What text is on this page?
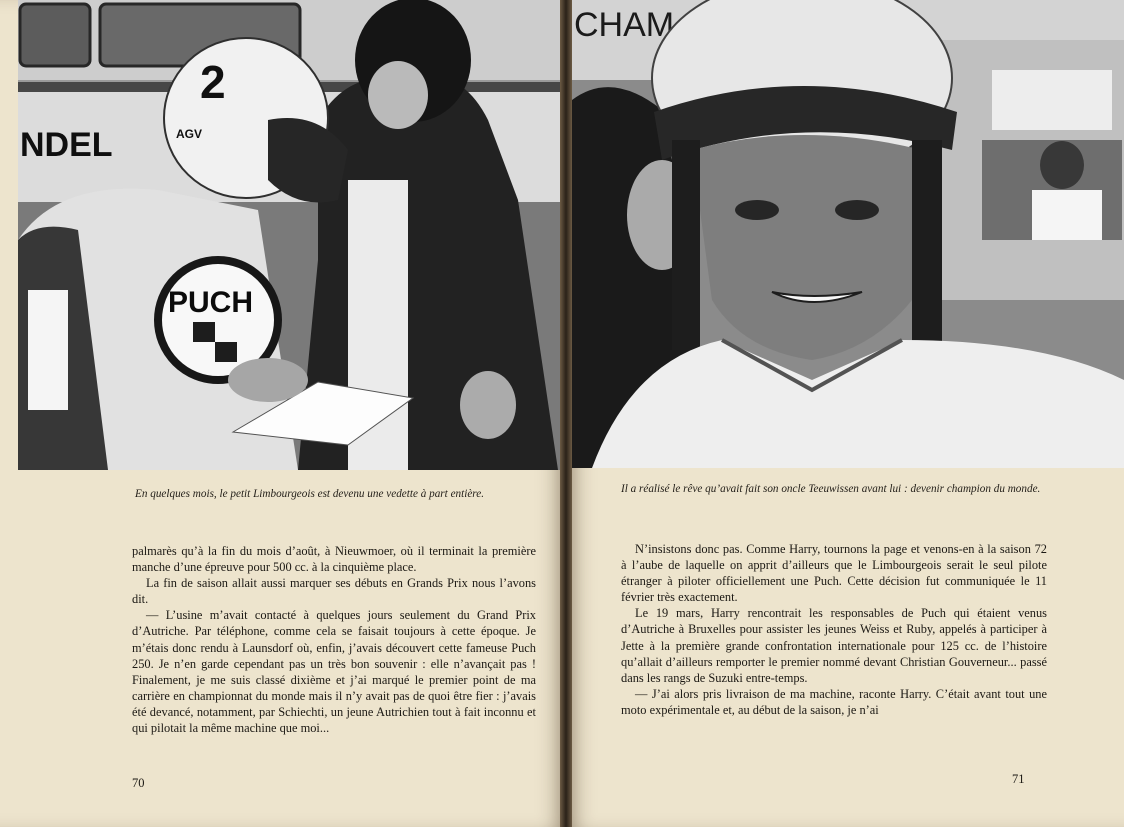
NDEL
PUCH
2
AGV
En quelques mois, le petit Limbourgeois est devenu une vedette à part entière.

palmarès qu’à la fin du mois d’août, à Nieuwmoer, où il terminait la première manche d’une épreuve pour 500 cc. à la cinquième place.

La fin de saison allait aussi marquer ses débuts en Grands Prix nous l’avons dit.

— L’usine m’avait contacté à quelques jours seulement du Grand Prix d’Autriche. Par téléphone, comme cela se faisait toujours à cette époque. Je m’étais donc rendu à Launsdorf où, enfin, j’avais découvert cette fameuse Puch 250. Je n’en garde cependant pas un très bon souvenir : elle n’avançait pas ! Finalement, je me suis classé dixième et j’ai marqué le premier point de ma carrière en championnat du monde mais il n’y avait pas de quoi être fier : j’avais été devancé, notamment, par Schiechti, un jeune Autrichien tout à fait inconnu et qui pilotait la même machine que moi...

70
CHAM
Il a réalisé le rêve qu’avait fait son oncle Teeuwissen avant lui : devenir champion du monde.

N’insistons donc pas. Comme Harry, tournons la page et venons-en à la saison 72 à l’aube de laquelle on apprit d’ailleurs que le Limbourgeois serait le seul pilote étranger à piloter officiellement une Puch. Cette décision fut communiquée le 11 février très exactement.

Le 19 mars, Harry rencontrait les responsables de Puch qui étaient venus d’Autriche à Bruxelles pour assister les jeunes Weiss et Ruby, appelés à participer à Jette à la première grande confrontation internationale pour 125 cc. de l’histoire qu’allait d’ailleurs remporter le premier nommé devant Christian Gouverneur... passé dans les rangs de Suzuki entre-temps.

— J’ai alors pris livraison de ma machine, raconte Harry. C’était avant tout une moto expérimentale et, au début de la saison, je n’ai

71
